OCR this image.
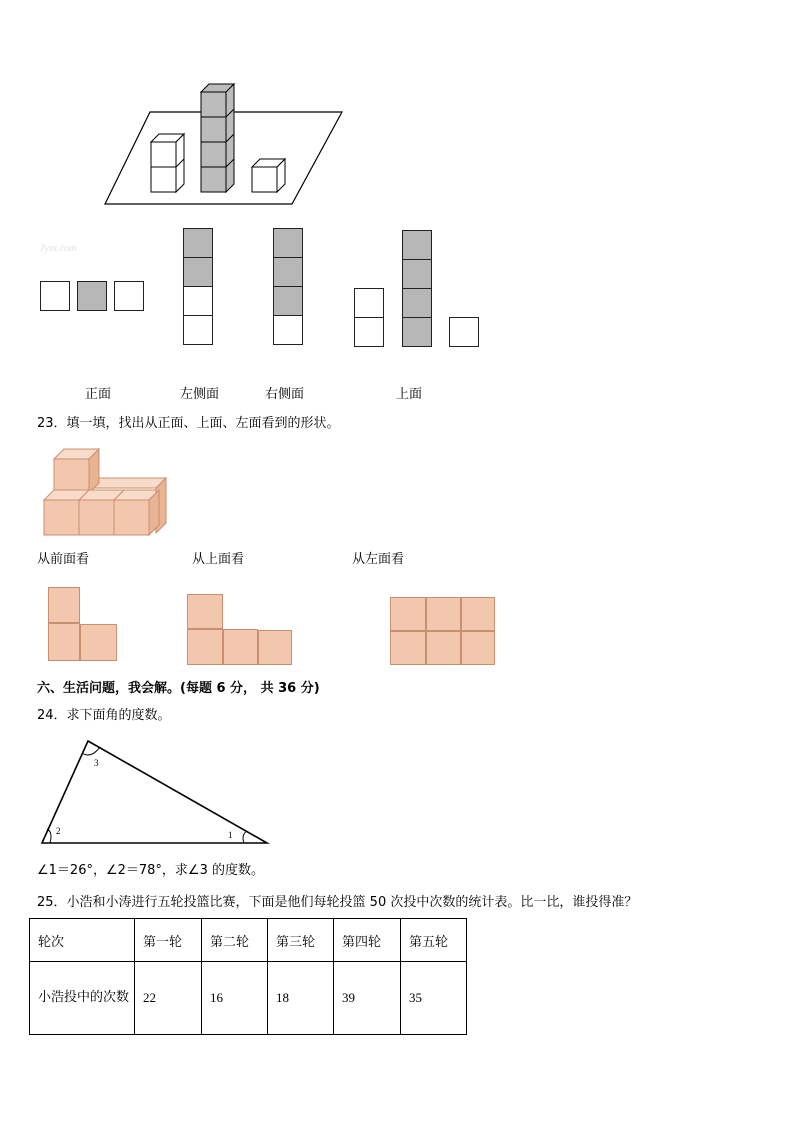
Jyzx.com
正面	左侧面	右侧面	上面
23．填一填，找出从正面、上面、左面看到的形状。
从前面看	从上面看	从左面看
六、生活问题，我会解。(每题 6 分， 共 36 分)
24．求下面角的度数。
3
2	1
∠1＝26°，∠2＝78°，求∠3 的度数。
25．小浩和小涛进行五轮投篮比赛，下面是他们每轮投篮 50 次投中次数的统计表。比一比，谁投得准？
轮次	第一轮	第二轮	第三轮	第四轮	第五轮
小浩投中的次数	22	16	18	39	35
